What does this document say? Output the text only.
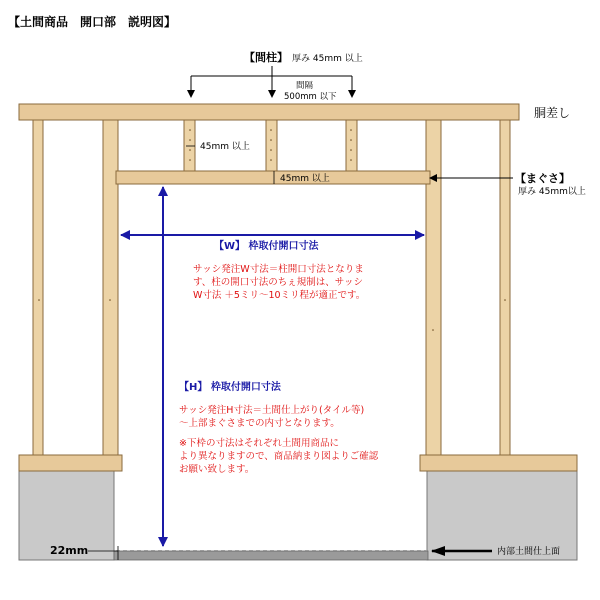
【土間商品　開口部　説明図】
【間柱】 厚み 45mm 以上
間隔
500mm 以下
胴差し
45mm 以上
45mm 以上	【まぐさ】
厚み 45mm以上
【W】 枠取付開口寸法
サッシ発注W寸法＝柱開口寸法となりま
す、柱の開口寸法のちぇ規制は、サッシ
W寸法 ＋5ミリ～10ミリ程が適正です。
【H】 枠取付開口寸法
サッシ発注H寸法＝土間仕上がり(タイル等)
～上部まぐさまでの内寸となります。
※下枠の寸法はそれぞれ土間用商品に
より異なりますので、商品納まり図よりご確認
お願い致します。
22mm	内部土間仕上面
